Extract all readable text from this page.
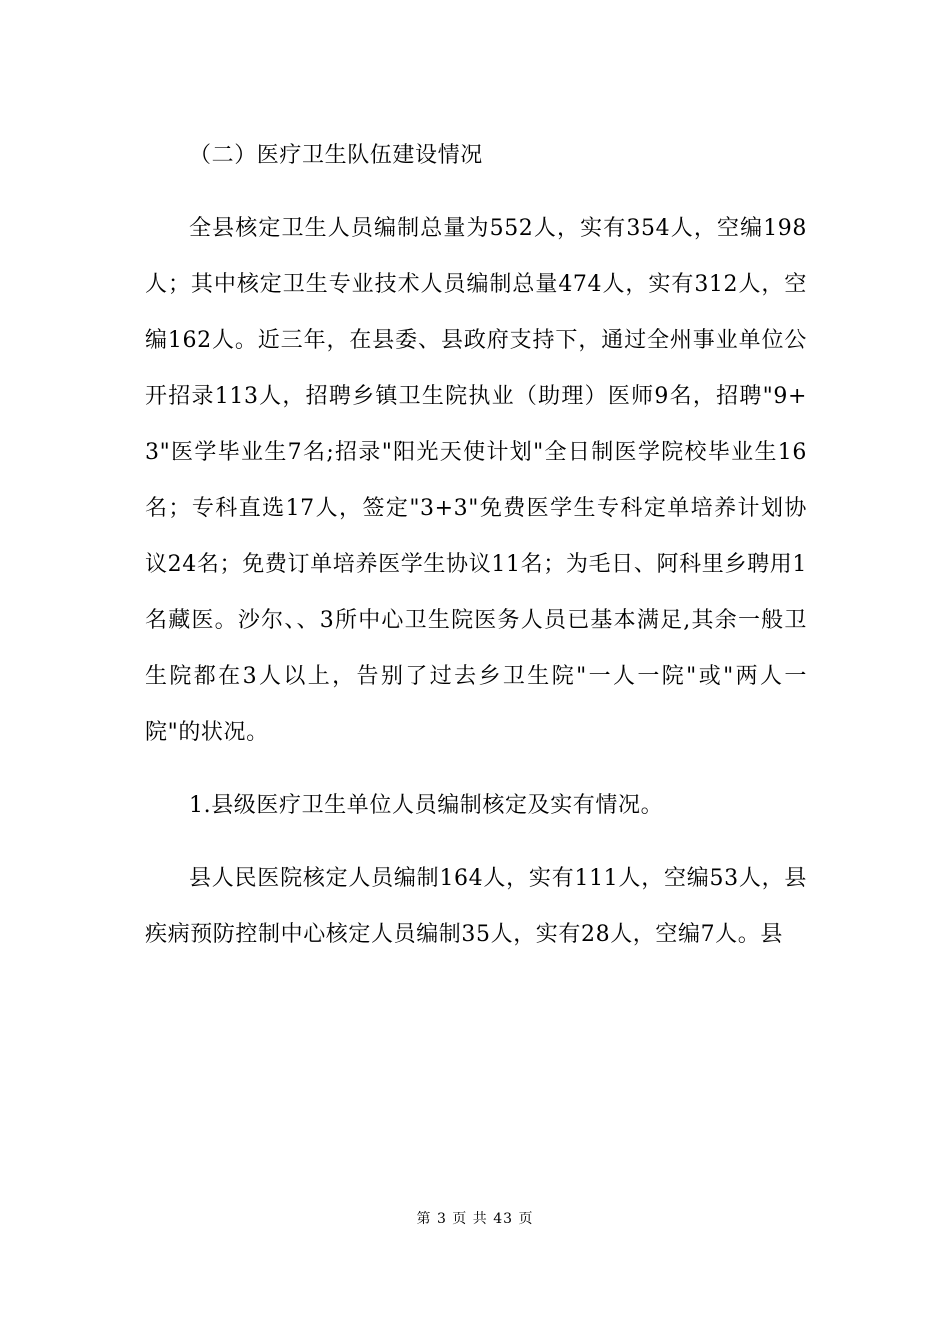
（二）医疗卫生队伍建设情况

全县核定卫生人员编制总量为552人，实有354人，空编198人；其中核定卫生专业技术人员编制总量474人，实有312人，空编162人。近三年，在县委、县政府支持下，通过全州事业单位公开招录113人，招聘乡镇卫生院执业（助理）医师9名，招聘"9+3"医学毕业生7名;招录"阳光天使计划"全日制医学院校毕业生16名；专科直选17人，签定"3+3"免费医学生专科定单培养计划协议24名；免费订单培养医学生协议11名；为毛日、阿科里乡聘用1名藏医。沙尔、、3所中心卫生院医务人员已基本满足,其余一般卫生院都在3人以上，告别了过去乡卫生院"一人一院"或"两人一院"的状况。

1.县级医疗卫生单位人员编制核定及实有情况。

县人民医院核定人员编制164人，实有111人，空编53人，县疾病预防控制中心核定人员编制35人，实有28人，空编7人。县

第 3 页 共 43 页
